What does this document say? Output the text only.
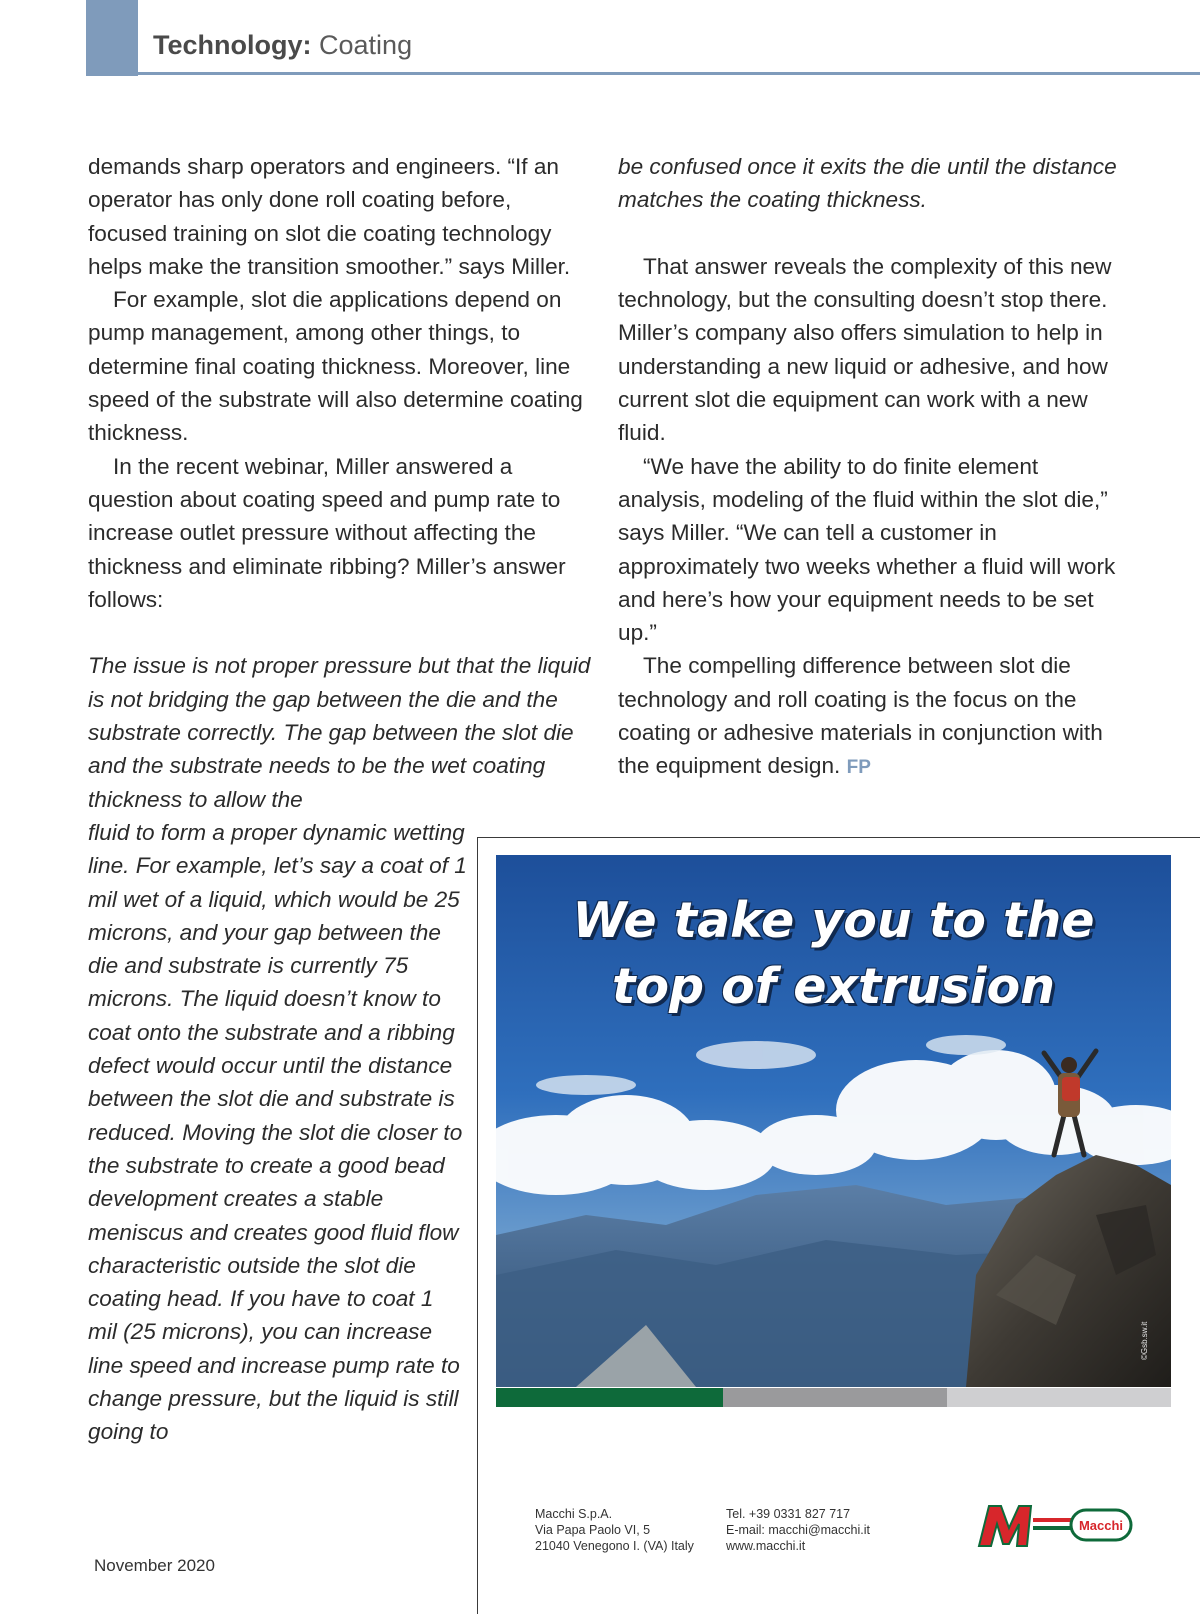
Technology: Coating

demands sharp operators and engineers. “If an operator has only done roll coating before, focused training on slot die coating technology helps make the transition smoother.” says Miller.

For example, slot die applications depend on pump management, among other things, to determine final coating thickness. Moreover, line speed of the substrate will also determine coating thickness.

In the recent webinar, Miller answered a question about coating speed and pump rate to increase outlet pressure without affecting the thickness and eliminate ribbing? Miller’s answer follows:

The issue is not proper pressure but that the liquid is not bridging the gap between the die and the substrate correctly. The gap between the slot die and the substrate needs to be the wet coating thickness to allow the

fluid to form a proper dynamic wetting line. For example, let’s say a coat of 1 mil wet of a liquid, which would be 25 microns, and your gap between the die and substrate is currently 75 microns. The liquid doesn’t know to coat onto the substrate and a ribbing defect would occur until the distance between the slot die and substrate is reduced. Moving the slot die closer to the substrate to create a good bead development creates a stable meniscus and creates good fluid flow characteristic outside the slot die coating head. If you have to coat 1 mil (25 microns), you can increase line speed and increase pump rate to change pressure, but the liquid is still going to

be confused once it exits the die until the distance matches the coating thickness.

That answer reveals the complexity of this new technology, but the consulting doesn’t stop there. Miller’s company also offers simulation to help in understanding a new liquid or adhesive, and how current slot die equipment can work with a new fluid.

“We have the ability to do finite element analysis, modeling of the fluid within the slot die,” says Miller. “We can tell a customer in approximately two weeks whether a fluid will work and here’s how your equipment needs to be set up.”

The compelling difference between slot die technology and roll coating is the focus on the coating or adhesive materials in conjunction with the equipment design. FP

We take you to the
top of extrusion
©Gsb.sw.it
Macchi S.p.A.
Via Papa Paolo VI, 5
21040 Venegono I. (VA) Italy
Tel. +39 0331 827 717
E-mail: macchi@macchi.it
www.macchi.it
Macchi
November 2020
